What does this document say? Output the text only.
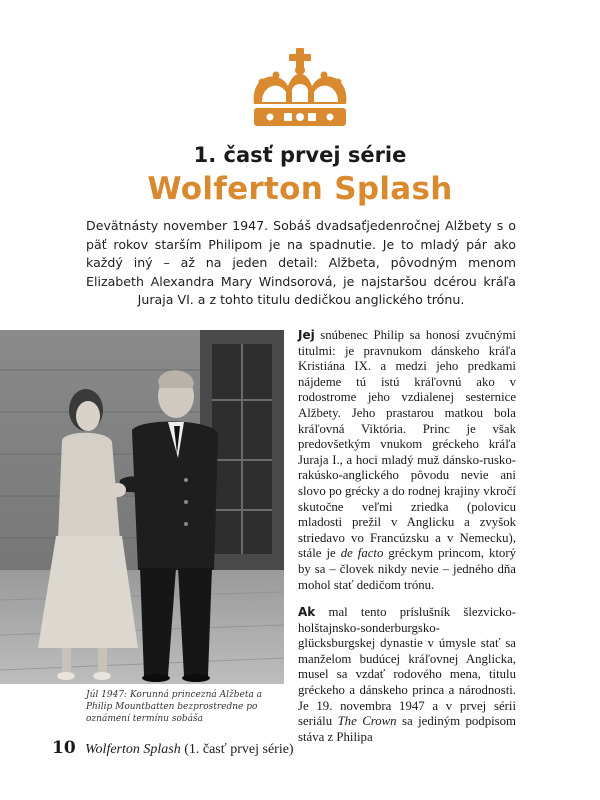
1. časť prvej série
Wolferton Splash
Devätnásty november 1947. Sobáš dvadsaťjedenročnej Alžbety s o päť rokov starším Philipom je na spadnutie. Je to mladý pár ako každý iný – až na jeden detail: Alžbeta, pôvodným menom Elizabeth Alexandra Mary Windsorová, je najstaršou dcérou kráľa Juraja VI. a z tohto titulu dedičkou anglického trónu.
Júl 1947: Korunná princezná Alžbeta a Philip Mountbatten bezprostredne po oznámení termínu sobáša

Jej snúbenec Philip sa honosí zvučnými titulmi: je pravnukom dánskeho kráľa Kristiána IX. a medzi jeho predkami nájdeme tú istú kráľovnú ako v rodostrome jeho vzdialenej sesternice Alžbety. Jeho prastarou matkou bola kráľovná Viktória. Princ je však predovšetkým vnukom gréckeho kráľa Juraja I., a hoci mladý muž dánsko-rusko-rakúsko-anglického pôvodu nevie ani slovo po grécky a do rodnej krajiny vkročí skutočne veľmi zriedka (polovicu mladosti prežil v Anglicku a zvyšok striedavo vo Francúzsku a v Nemecku), stále je de facto gréckym princom, ktorý by sa – človek nikdy nevie – jedného dňa mohol stať dedičom trónu.

Ak mal tento príslušník šlezvicko-holštajnsko-sonderburgsko-glücksburgskej dynastie v úmysle stať sa manželom budúcej kráľovnej Anglicka, musel sa vzdať rodového mena, titulu gréckeho a dánskeho princa a národnosti. Je 19. novembra 1947 a v prvej sérii seriálu The Crown sa jediným podpisom stáva z Philipa

10 Wolferton Splash (1. časť prvej série)
